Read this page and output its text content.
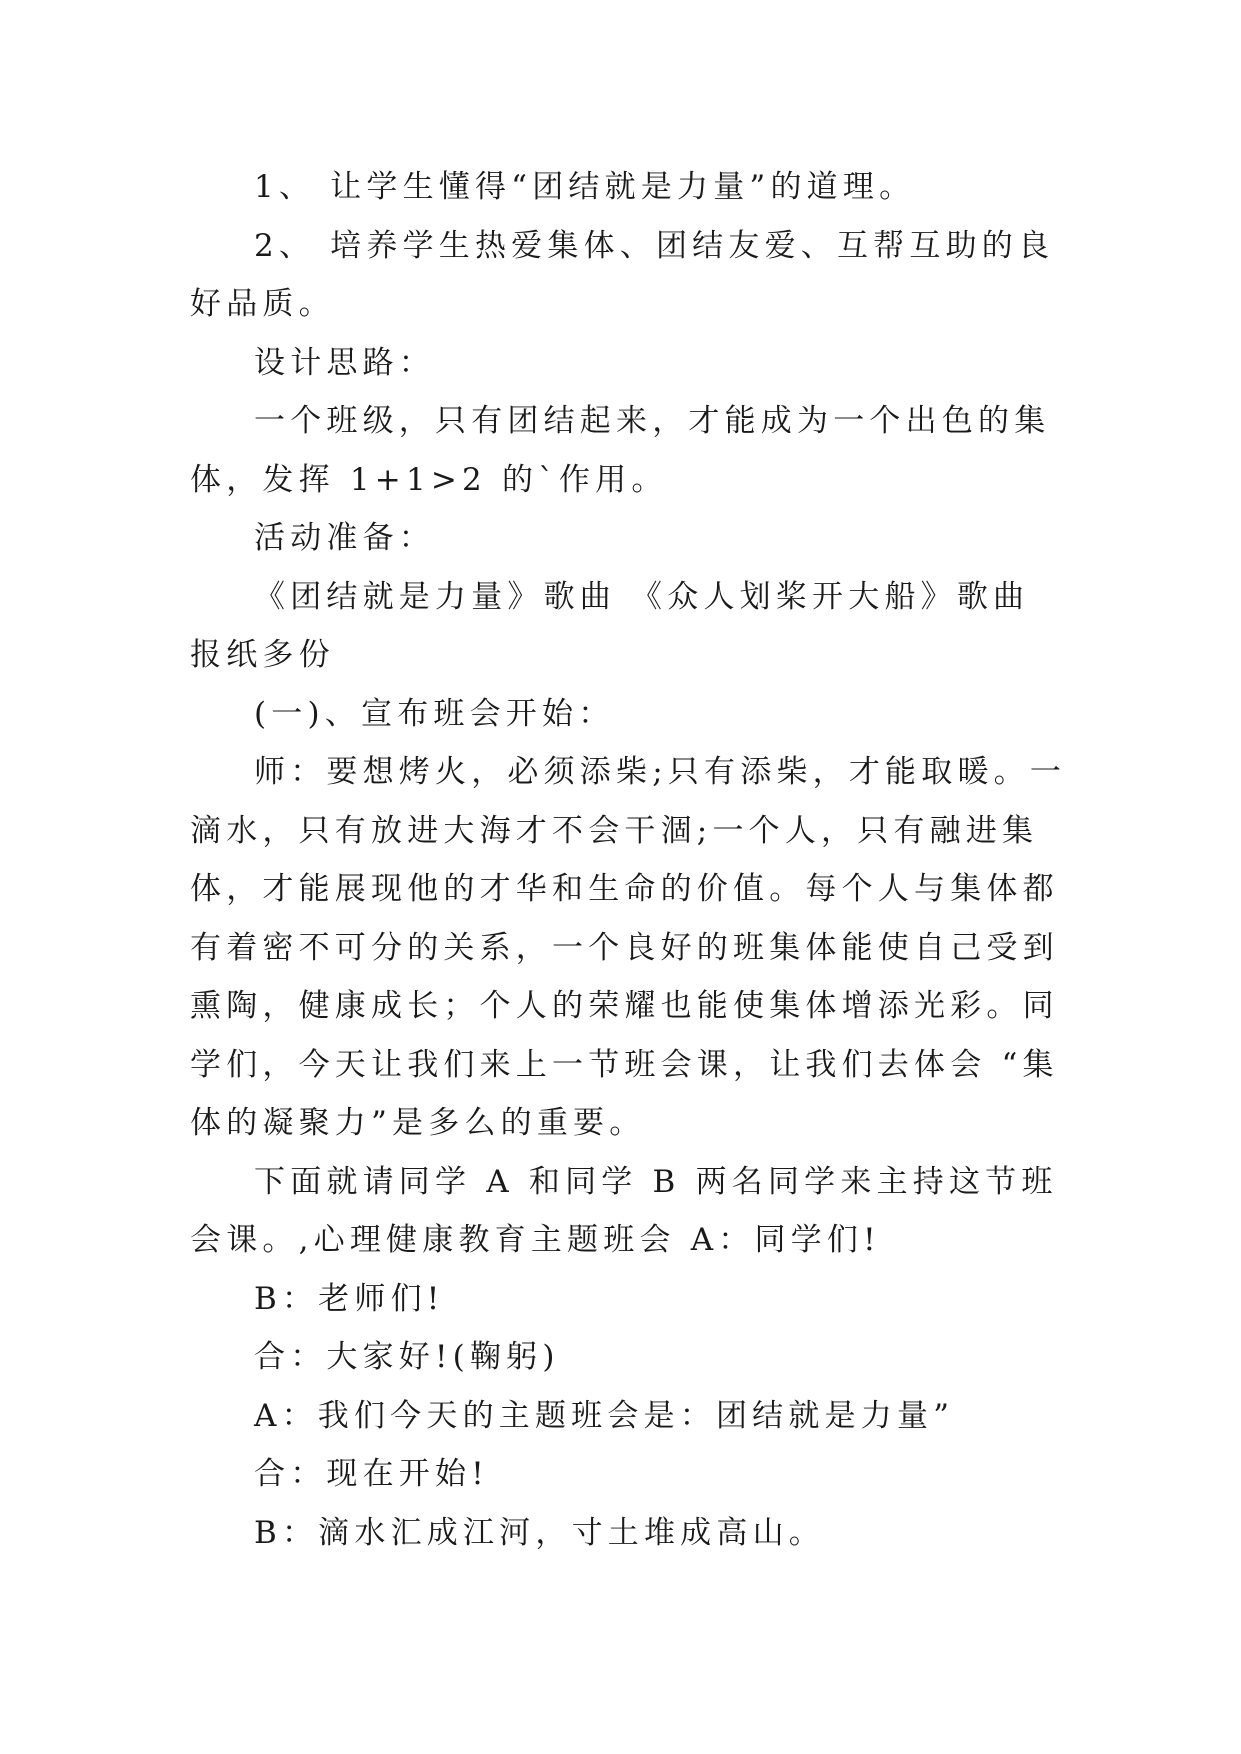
1、 让学生懂得“团结就是力量”的道理。

2、 培养学生热爱集体、团结友爱、互帮互助的良好品质。

设计思路：

一个班级，只有团结起来，才能成为一个出色的集体，发挥 1+1>2 的`作用。

活动准备：

《团结就是力量》歌曲 《众人划桨开大船》歌曲 报纸多份

(一)、宣布班会开始：

师：要想烤火，必须添柴;只有添柴，才能取暖。一滴水，只有放进大海才不会干涸;一个人，只有融进集体，才能展现他的才华和生命的价值。每个人与集体都有着密不可分的关系，一个良好的班集体能使自己受到熏陶，健康成长；个人的荣耀也能使集体增添光彩。同学们，今天让我们来上一节班会课，让我们去体会 “集体的凝聚力”是多么的重要。

下面就请同学 A 和同学 B 两名同学来主持这节班会课。,心理健康教育主题班会 A：同学们!

B：老师们!

合：大家好!(鞠躬)

A：我们今天的主题班会是：团结就是力量”

合：现在开始!

B：滴水汇成江河，寸土堆成高山。
